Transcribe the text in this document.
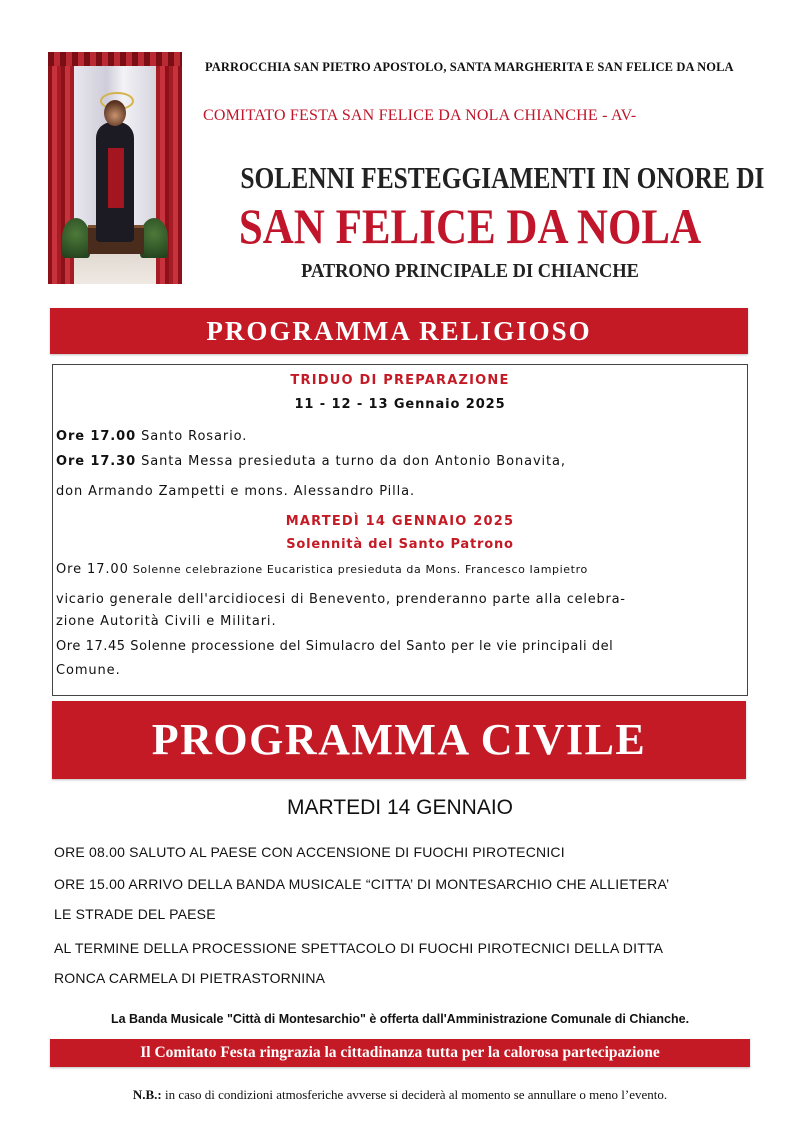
PARROCCHIA SAN PIETRO APOSTOLO, SANTA MARGHERITA E SAN FELICE DA NOLA
COMITATO FESTA SAN FELICE DA NOLA CHIANCHE - AV-
SOLENNI FESTEGGIAMENTI IN ONORE DI
SAN FELICE DA NOLA
PATRONO PRINCIPALE DI CHIANCHE
PROGRAMMA RELIGIOSO
TRIDUO DI PREPARAZIONE
11 - 12 - 13 Gennaio 2025
Ore 17.00 Santo Rosario.
Ore 17.30 Santa Messa presieduta a turno da don Antonio Bonavita,
don Armando Zampetti e mons. Alessandro Pilla.
MARTEDÌ 14 GENNAIO 2025
Solennità del Santo Patrono
Ore 17.00 Solenne celebrazione Eucaristica presieduta da Mons. Francesco Iampietro
vicario generale dell'arcidiocesi di Benevento, prenderanno parte alla celebra-
zione Autorità Civili e Militari.
Ore 17.45 Solenne processione del Simulacro del Santo per le vie principali del
Comune.
PROGRAMMA CIVILE
MARTEDI 14 GENNAIO
ORE 08.00 SALUTO AL PAESE CON ACCENSIONE DI FUOCHI PIROTECNICI
ORE 15.00 ARRIVO DELLA BANDA MUSICALE “CITTA’ DI MONTESARCHIO CHE ALLIETERA’
LE STRADE DEL PAESE
AL TERMINE DELLA PROCESSIONE SPETTACOLO DI FUOCHI PIROTECNICI DELLA DITTA
RONCA CARMELA DI PIETRASTORNINA
La Banda Musicale "Città di Montesarchio" è offerta dall'Amministrazione Comunale di Chianche.
Il Comitato Festa ringrazia la cittadinanza tutta per la calorosa partecipazione
N.B.: in caso di condizioni atmosferiche avverse si deciderà al momento se annullare o meno l’evento.
